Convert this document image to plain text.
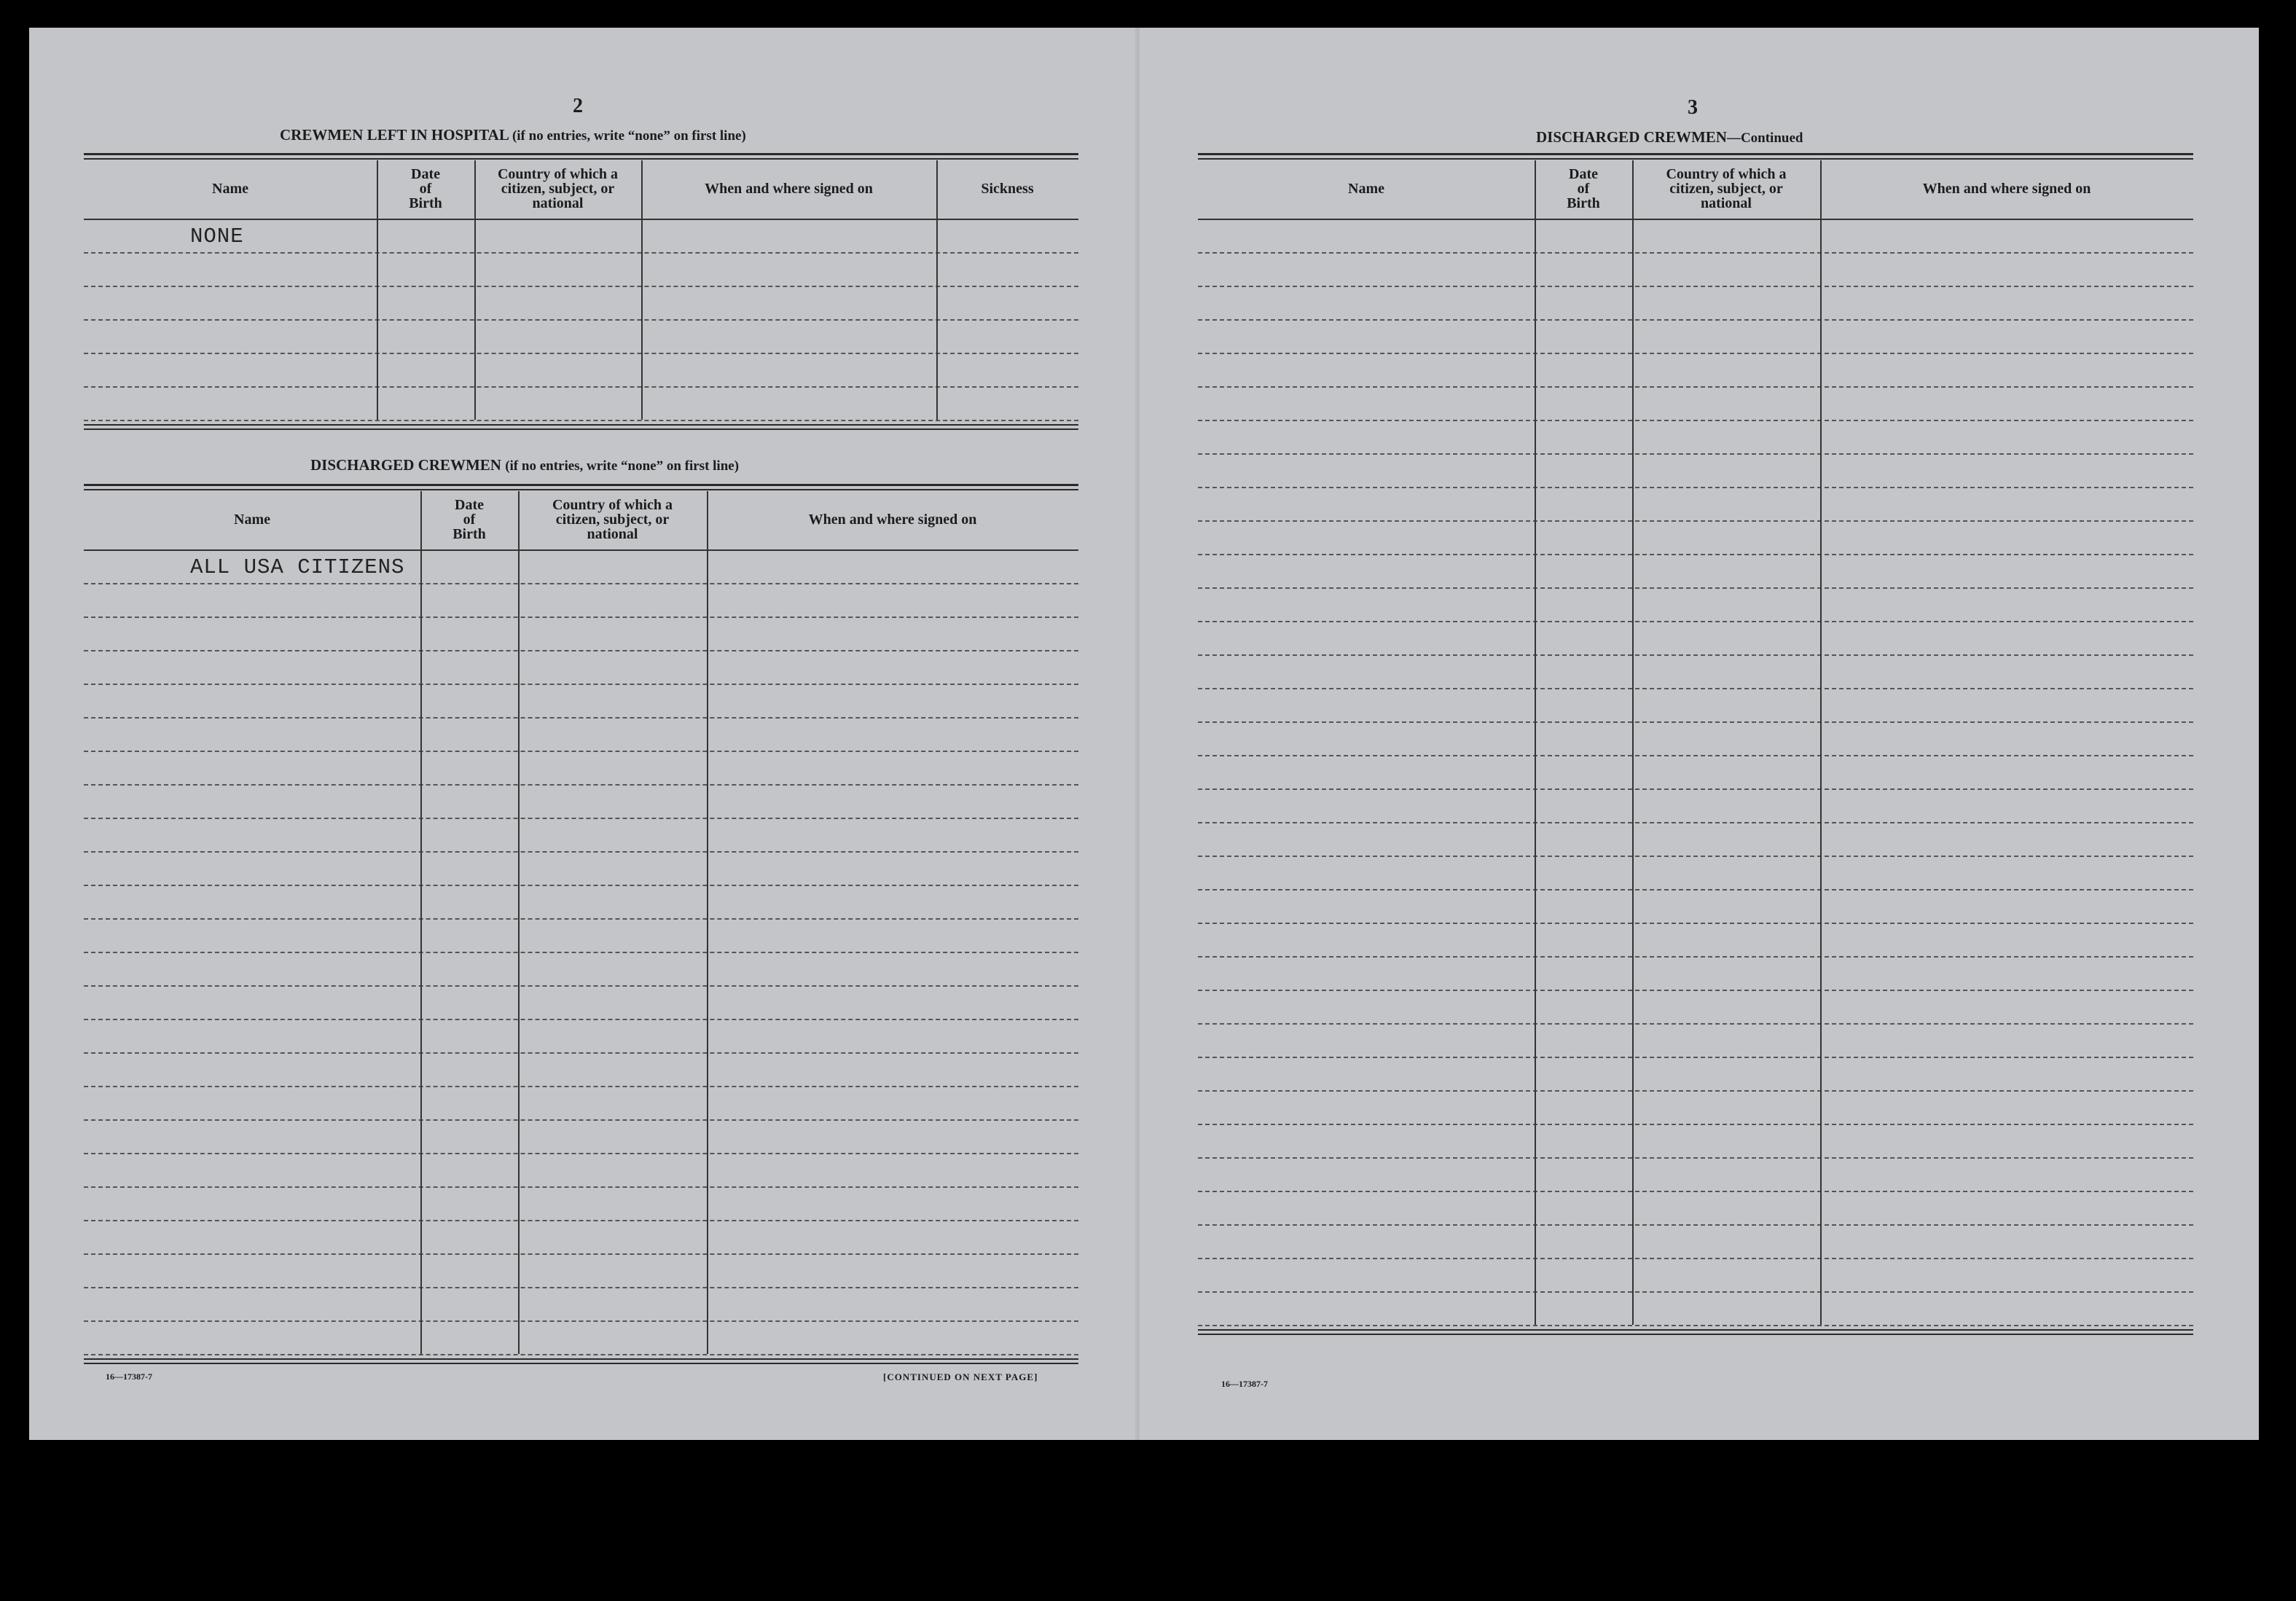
2
CREWMEN LEFT IN HOSPITAL (if no entries, write “none” on first line)
Name
Date
of
Birth
Country of which a
citizen, subject, or
national
When and where signed on	Sickness
NONE
DISCHARGED CREWMEN (if no entries, write “none” on first line)
Name
Date
of
Birth
Country of which a
citizen, subject, or
national
When and where signed on
ALL USA CITIZENS
16—17387-7	[CONTINUED ON NEXT PAGE]
3
DISCHARGED CREWMEN—Continued
Name
Date
of
Birth
Country of which a
citizen, subject, or
national
When and where signed on
16—17387-7
